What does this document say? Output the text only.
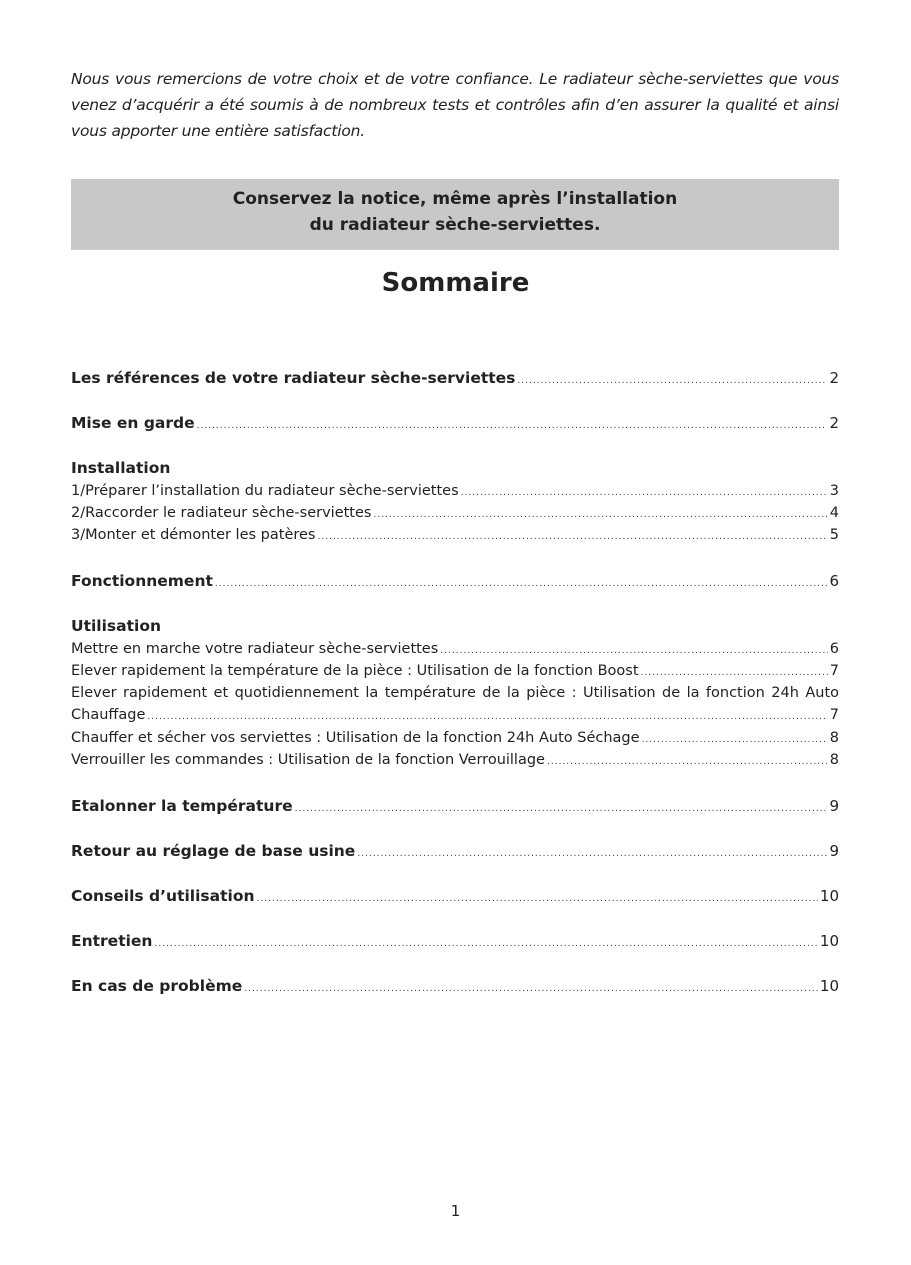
Nous vous remercions de votre choix et de votre confiance. Le radiateur sèche-serviettes que vous venez d’acquérir a été soumis à de nombreux tests et contrôles afin d’en assurer la qualité et ainsi vous apporter une entière satisfaction.

Conservez la notice, même après l’installation
du radiateur sèche-serviettes.
Sommaire
Les références de votre radiateur sèche-serviettes .....	2
Mise en garde .....	2
Installation
1/Préparer l’installation du radiateur sèche-serviettes .....	3
2/Raccorder le radiateur sèche-serviettes .....	4
3/Monter et démonter les patères .....	5
Fonctionnement .....	6
Utilisation
Mettre en marche votre radiateur sèche-serviettes .....	6
Elever rapidement la température de la pièce : Utilisation de la fonction Boost .....	7
Elever rapidement et quotidiennement la température de la pièce : Utilisation de la fonction 24h Auto
Chauffage .....	7
Chauffer et sécher vos serviettes : Utilisation de la fonction 24h Auto Séchage .....	8
Verrouiller les commandes : Utilisation de la fonction Verrouillage .....	8
Etalonner la température .....	9
Retour au réglage de base usine .....	9
Conseils d’utilisation .....	10
Entretien .....	10
En cas de problème .....	10
1
